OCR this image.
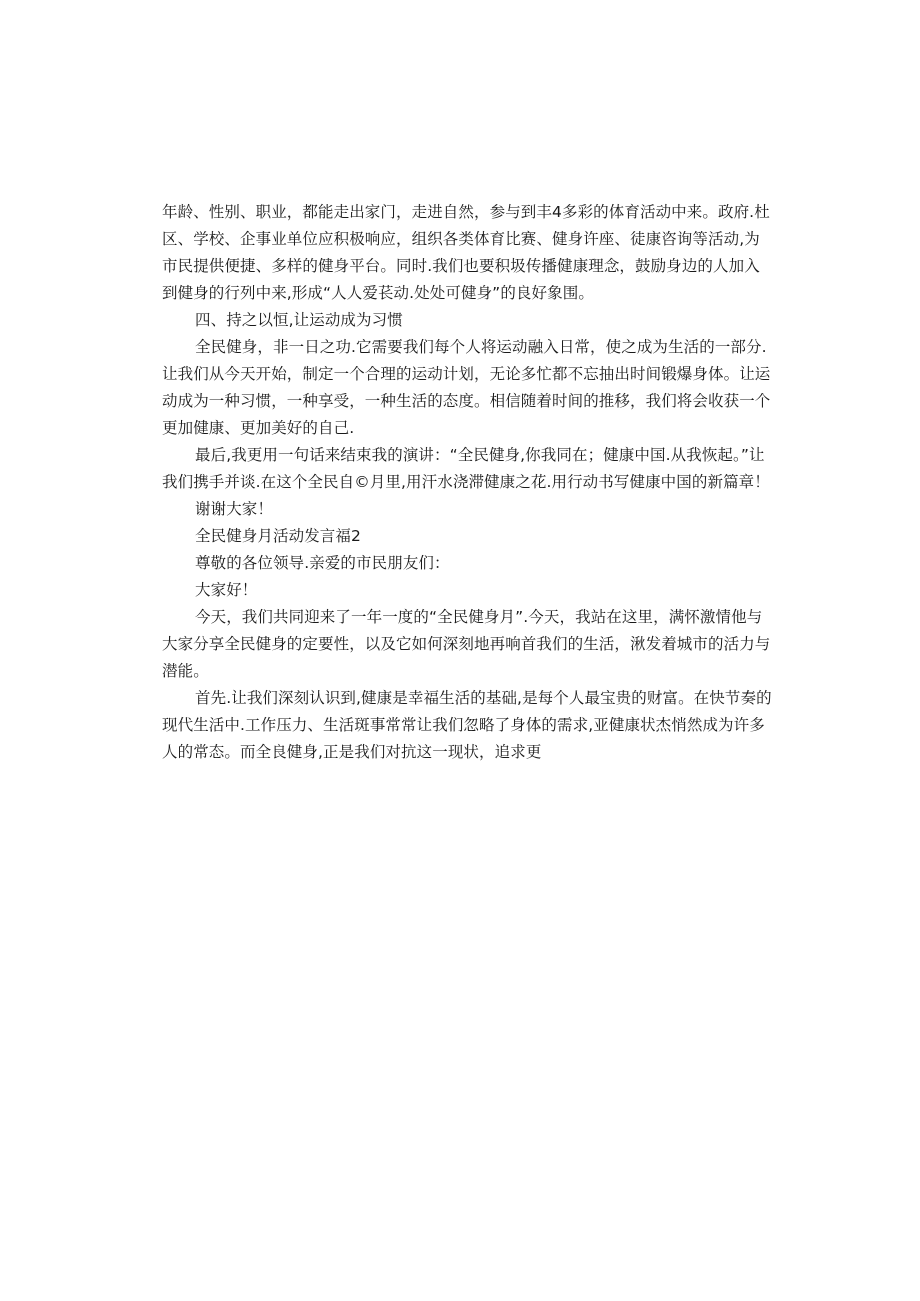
年龄、性别、职业，都能走出家门，走进自然，参与到丰4多彩的体育活动中来。政府.杜区、学校、企事业单位应积极响应，组织各类体育比赛、健身许座、徒康咨询等活动,为市民提供便捷、多样的健身平台。同时.我们也要积圾传播健康理念，鼓励身边的人加入到健身的行列中来,形成“人人爱苌动.处处可健身”的良好象围。

四、持之以恒,让运动成为习惯

全民健身，非一日之功.它需要我们每个人将运动融入日常，使之成为生活的一部分.让我们从今天开始，制定一个合理的运动计划，无论多忙都不忘抽出时间锻爆身体。让运动成为一种习惯，一种享受，一种生活的态度。相信随着时间的推移，我们将会收获一个更加健康、更加美好的自己.

最后,我更用一句话来结束我的演讲：“全民健身,你我同在；健康中国.从我恢起。”让我们携手并谈.在这个全民自©月里,用汗水浇滞健康之花.用行动书写健康中国的新篇章！

谢谢大家！

全民健身月活动发言福2

尊敬的各位领导.亲爱的市民朋友们：

大家好！

今天，我们共同迎来了一年一度的“全民健身月”.今天，我站在这里，满怀激情他与大家分享全民健身的定要性，以及它如何深刻地再响首我们的生活，湫发着城市的活力与潜能。

首先.让我们深刻认识到,健康是幸福生活的基础,是每个人最宝贵的财富。在快节奏的现代生活中.工作压力、生活斑事常常让我们忽略了身体的需求,亚健康状杰悄然成为许多人的常态。而全良健身,正是我们对抗这一现状，追求更
